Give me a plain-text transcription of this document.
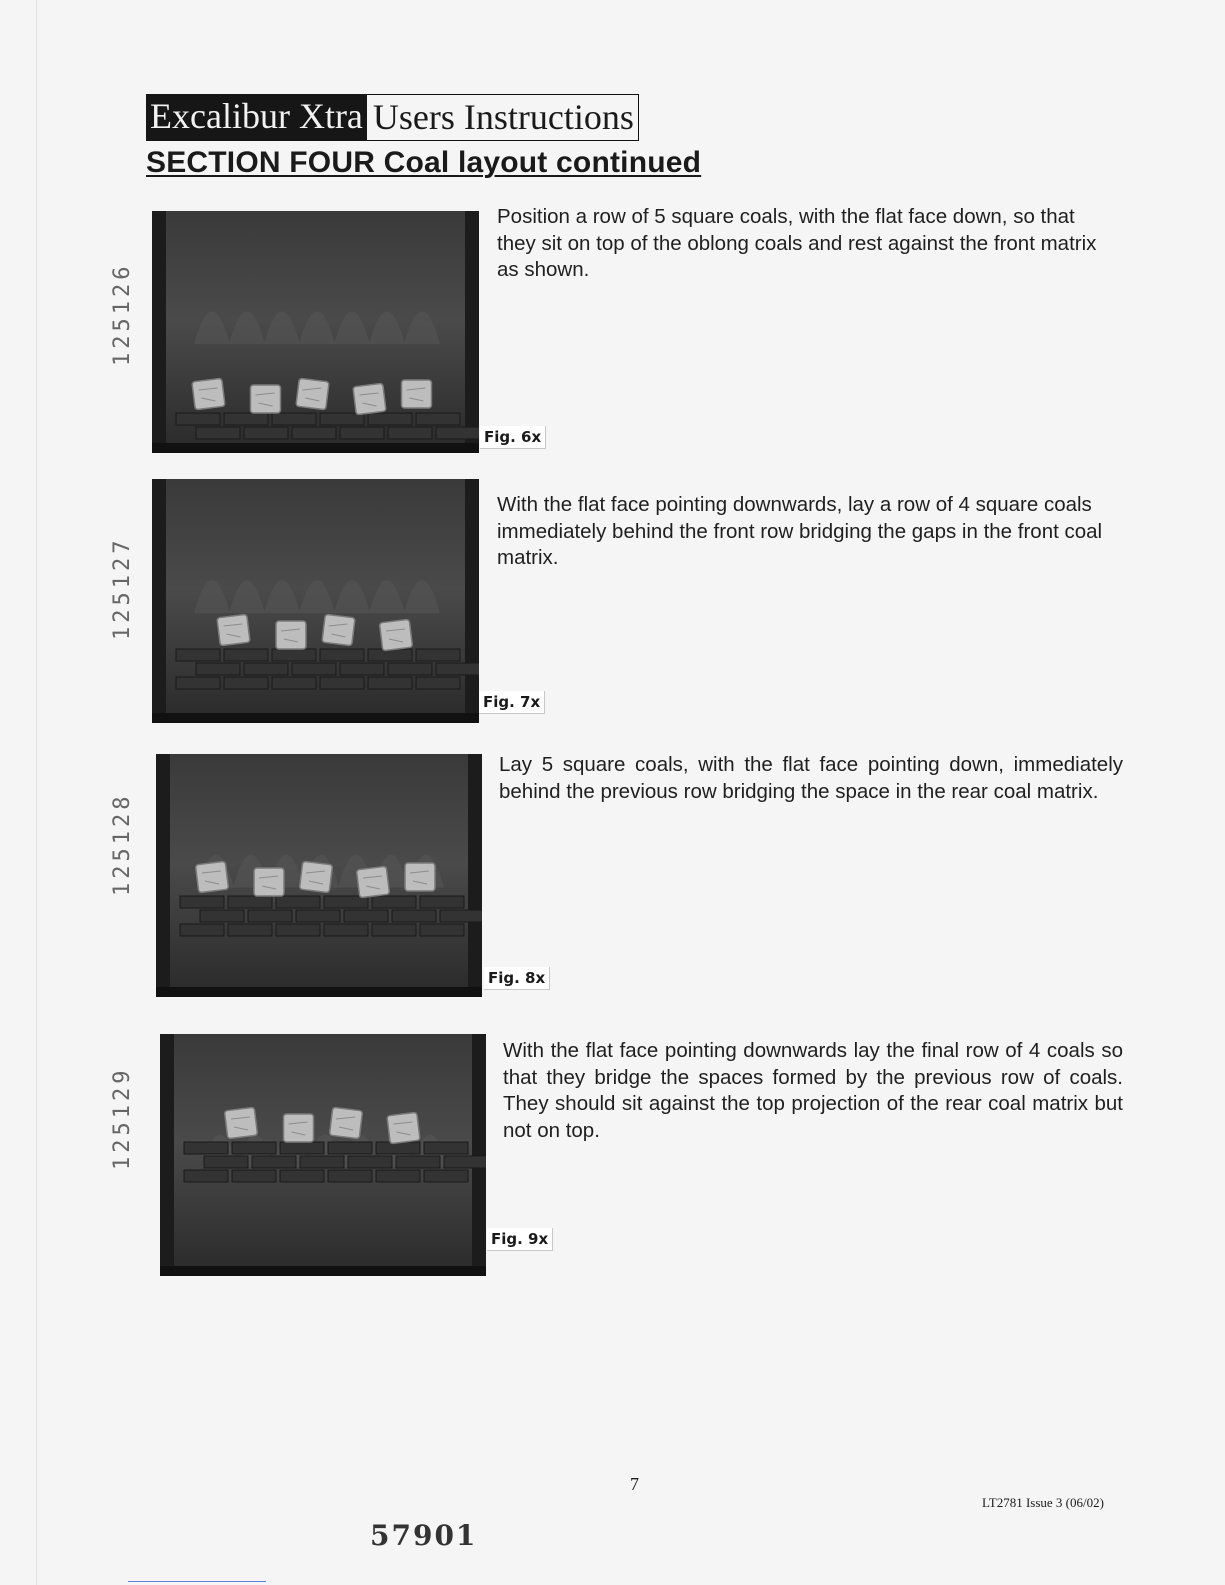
Excalibur Xtra Users Instructions
SECTION FOUR Coal layout continued
125126
Fig. 6x
Position a row of 5 square coals, with the flat face down, so that they sit on top of the oblong coals and rest against the front matrix as shown.
125127
Fig. 7x
With the flat face pointing downwards, lay a row of 4 square coals immediately behind the front row bridging the gaps in the front coal matrix.
125128
Fig. 8x
Lay 5 square coals, with the flat face pointing down, immediately behind the previous row bridging the space in the rear coal matrix.
125129
Fig. 9x
With the flat face pointing downwards lay the final row of 4 coals so that they bridge the spaces formed by the previous row of coals. They should sit against the top projection of the rear coal matrix but not on top.
7
LT2781 Issue 3 (06/02)
57901
